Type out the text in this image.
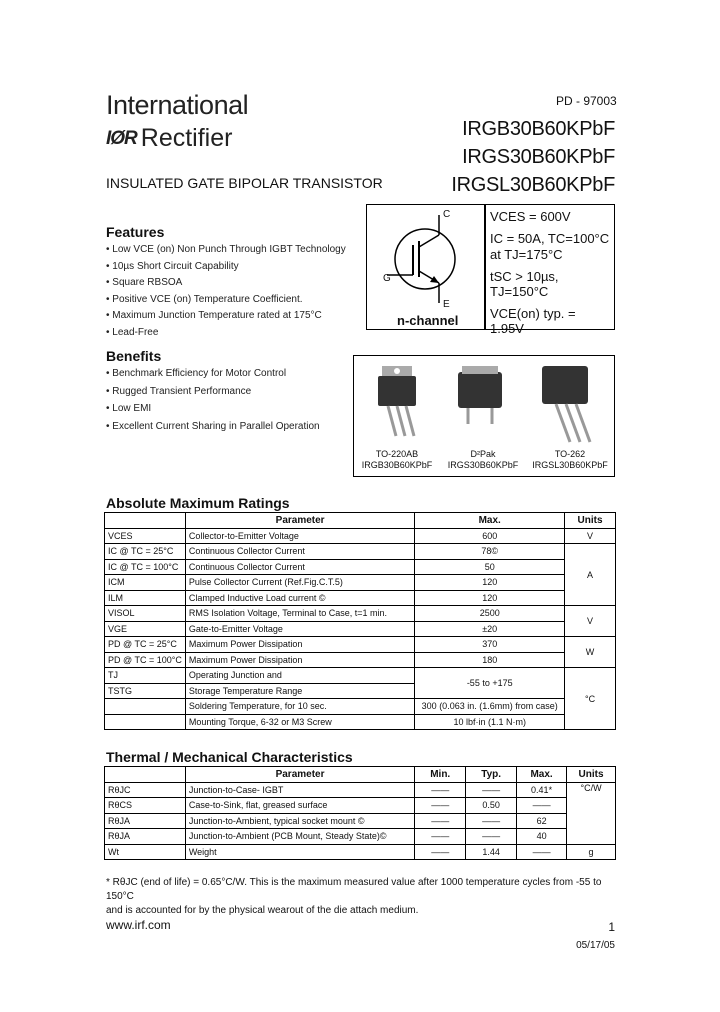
International
IØR Rectifier
PD - 97003
IRGB30B60KPbF
IRGS30B60KPbF
IRGSL30B60KPbF
INSULATED GATE BIPOLAR TRANSISTOR
Features
• Low VCE (on) Non Punch Through IGBT Technology
• 10µs Short Circuit Capability
• Square RBSOA
• Positive VCE (on) Temperature Coefficient.
• Maximum Junction Temperature rated at 175°C
• Lead-Free
Benefits
• Benchmark Efficiency for Motor Control
• Rugged Transient Performance
• Low EMI
• Excellent Current Sharing in Parallel Operation
C
G
E
n-channel
VCES = 600V
IC = 50A, TC=100°C
at TJ=175°C
tSC > 10µs, TJ=150°C
VCE(on) typ. = 1.95V
TO-220AB
IRGB30B60KPbF
D²Pak
IRGS30B60KPbF
TO-262
IRGSL30B60KPbF
Absolute Maximum Ratings
	Parameter	Max.	Units
VCES	Collector-to-Emitter Voltage	600	V
IC @ TC = 25°C	Continuous Collector Current	78©	A
IC @ TC = 100°C	Continuous Collector Current	50	
ICM	Pulse Collector Current (Ref.Fig.C.T.5)	120	
ILM	Clamped Inductive Load current ©	120	
VISOL	RMS Isolation Voltage, Terminal to Case, t=1 min.	2500	V
VGE	Gate-to-Emitter Voltage	±20	
PD @ TC = 25°C	Maximum Power Dissipation	370	W
PD @ TC = 100°C	Maximum Power Dissipation	180	
TJ	Operating Junction and	-55 to +175	°C
TSTG	Storage Temperature Range		
	Soldering Temperature, for 10 sec.	300 (0.063 in. (1.6mm) from case)	
	Mounting Torque, 6-32 or M3 Screw	10 lbf·in (1.1 N·m)	
Thermal / Mechanical Characteristics
	Parameter	Min.	Typ.	Max.	Units
RθJC	Junction-to-Case- IGBT	——	——	0.41*	°C/W
RθCS	Case-to-Sink, flat, greased surface	——	0.50	——	
RθJA	Junction-to-Ambient, typical socket mount ©	——	——	62	
RθJA	Junction-to-Ambient (PCB Mount, Steady State)©	——	——	40	
Wt	Weight	——	1.44	——	g
* RθJC (end of life) = 0.65°C/W. This is the maximum measured value after 1000 temperature cycles from -55 to 150°C
and is accounted for by the physical wearout of the die attach medium.
www.irf.com	1
05/17/05
